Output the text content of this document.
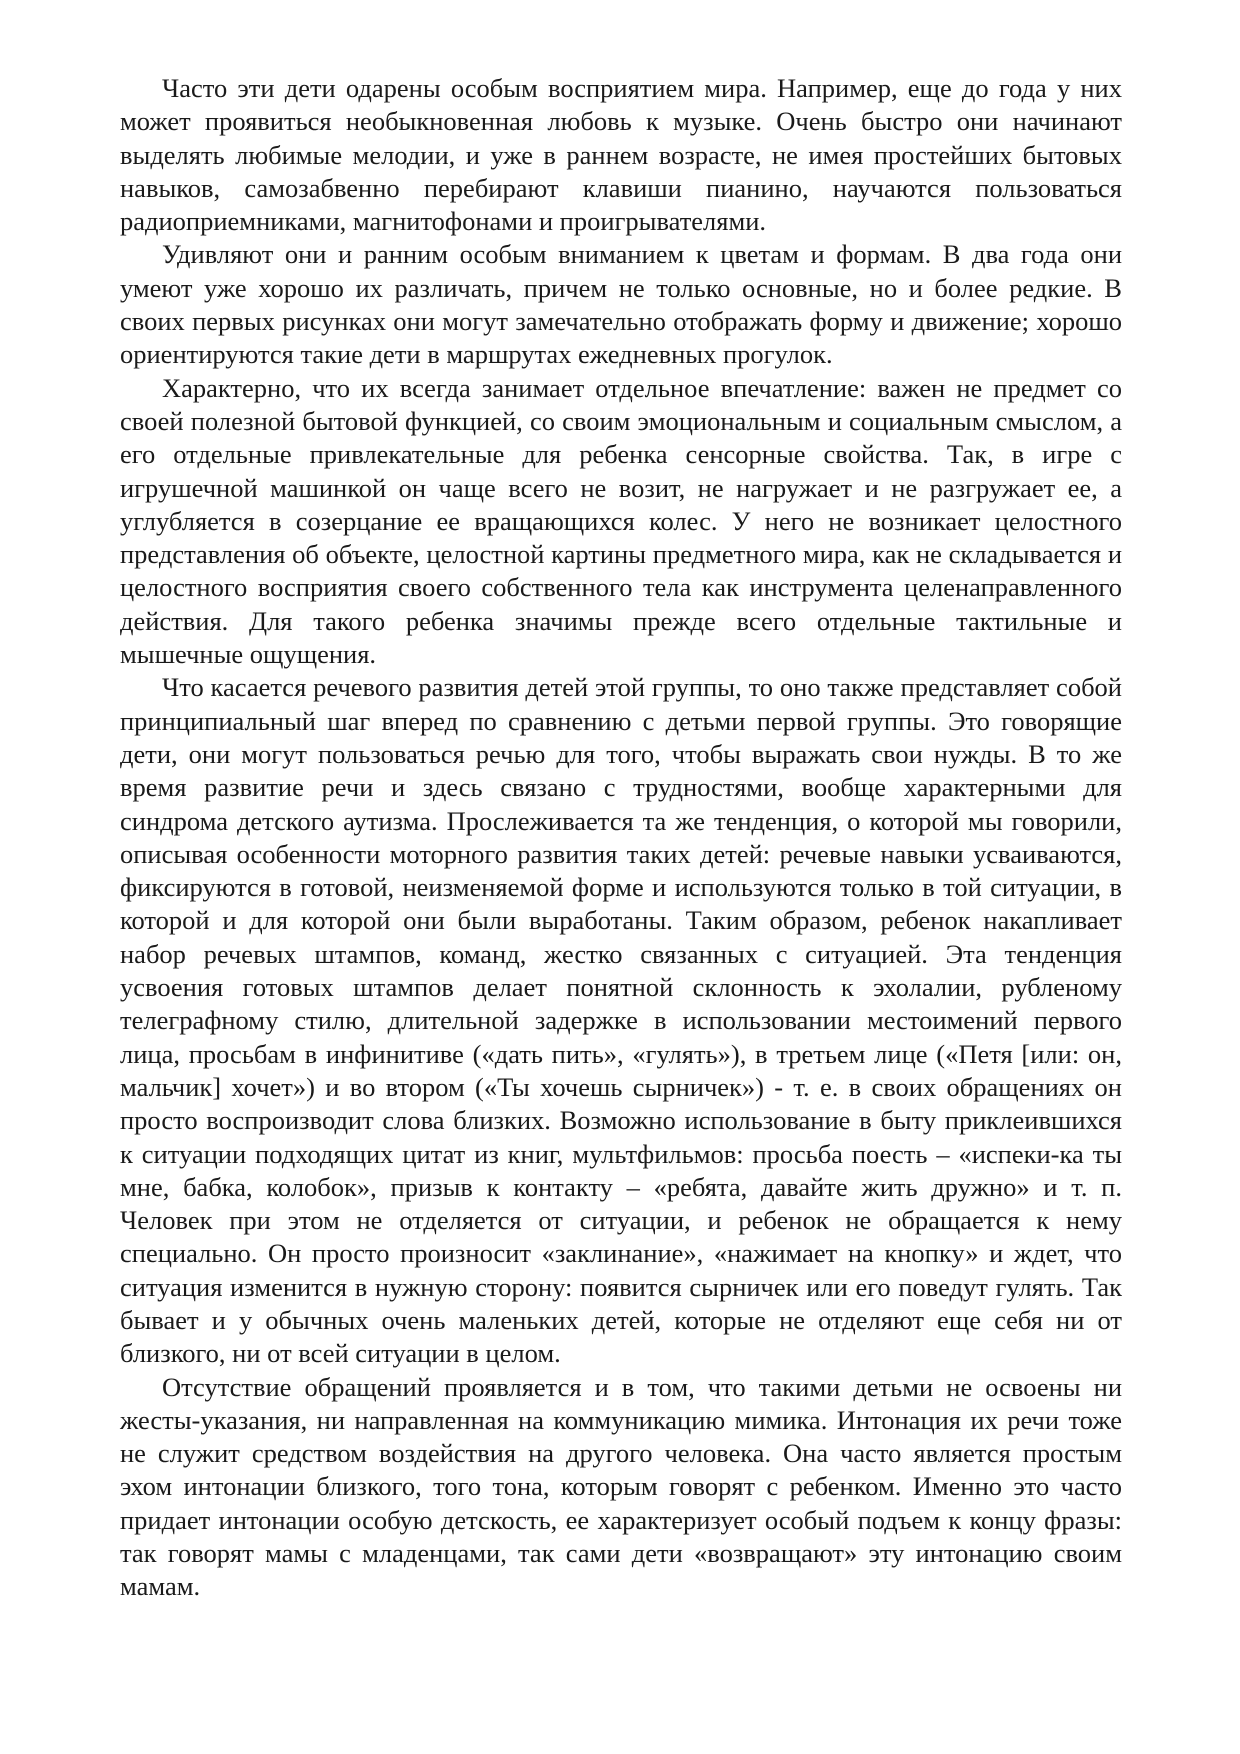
Часто эти дети одарены особым восприятием мира. Например, еще до года у них может проявиться необыкновенная любовь к музыке. Очень быстро они начинают выделять любимые мелодии, и уже в раннем возрасте, не имея простейших бытовых навыков, самозабвенно перебирают клавиши пианино, научаются пользоваться радиоприемниками, магнитофонами и проигрывателями.

Удивляют они и ранним особым вниманием к цветам и формам. В два года они умеют уже хорошо их различать, причем не только основные, но и более редкие. В своих первых рисунках они могут замечательно отображать форму и движение; хорошо ориентируются такие дети в маршрутах ежедневных прогулок.

Характерно, что их всегда занимает отдельное впечатление: важен не предмет со своей полезной бытовой функцией, со своим эмоциональным и социальным смыслом, а его отдельные привлекательные для ребенка сенсорные свойства. Так, в игре с игрушечной машинкой он чаще всего не возит, не нагружает и не разгружает ее, а углубляется в созерцание ее вращающихся колес. У него не возникает целостного представления об объекте, целостной картины предметного мира, как не складывается и целостного восприятия своего собственного тела как инструмента целенаправленного действия. Для такого ребенка значимы прежде всего отдельные тактильные и мышечные ощущения.

Что касается речевого развития детей этой группы, то оно также представляет собой принципиальный шаг вперед по сравнению с детьми первой группы. Это говорящие дети, они могут пользоваться речью для того, чтобы выражать свои нужды. В то же время развитие речи и здесь связано с трудностями, вообще характерными для синдрома детского аутизма. Прослеживается та же тенденция, о которой мы говорили, описывая особенности моторного развития таких детей: речевые навыки усваиваются, фиксируются в готовой, неизменяемой форме и используются только в той ситуации, в которой и для которой они были выработаны. Таким образом, ребенок накапливает набор речевых штампов, команд, жестко связанных с ситуацией. Эта тенденция усвоения готовых штампов делает понятной склонность к эхолалии, рубленому телеграфному стилю, длительной задержке в использовании местоимений первого лица, просьбам в инфинитиве («дать пить», «гулять»), в третьем лице («Петя [или: он, мальчик] хочет») и во втором («Ты хочешь сырничек») - т. е. в своих обращениях он просто воспроизводит слова близких. Возможно использование в быту приклеившихся к ситуации подходящих цитат из книг, мультфильмов: просьба поесть – «испеки-ка ты мне, бабка, колобок», призыв к контакту – «ребята, давайте жить дружно» и т. п. Человек при этом не отделяется от ситуации, и ребенок не обращается к нему специально. Он просто произносит «заклинание», «нажимает на кнопку» и ждет, что ситуация изменится в нужную сторону: появится сырничек или его поведут гулять. Так бывает и у обычных очень маленьких детей, которые не отделяют еще себя ни от близкого, ни от всей ситуации в целом.

Отсутствие обращений проявляется и в том, что такими детьми не освоены ни жесты-указания, ни направленная на коммуникацию мимика. Интонация их речи тоже не служит средством воздействия на другого человека. Она часто является простым эхом интонации близкого, того тона, которым говорят с ребенком. Именно это часто придает интонации особую детскость, ее характеризует особый подъем к концу фразы: так говорят мамы с младенцами, так сами дети «возвращают» эту интонацию своим мамам.
